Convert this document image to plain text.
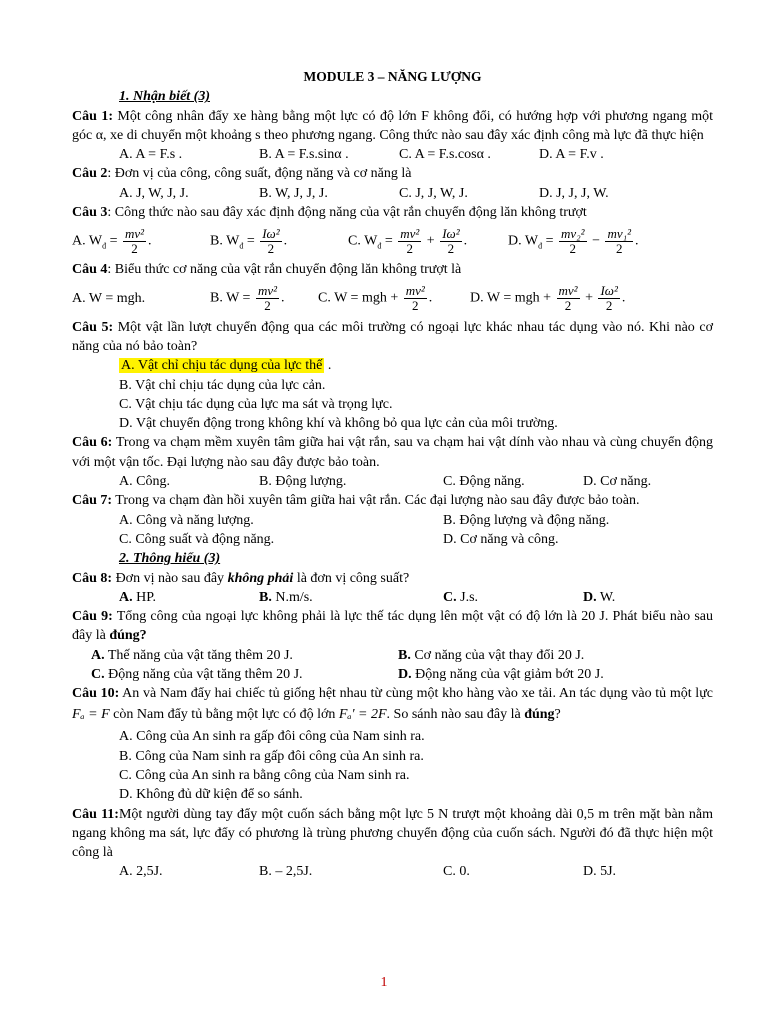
MODULE 3 – NĂNG LƯỢNG
1. Nhận biết (3)
Câu 1: Một công nhân đẩy xe hàng bằng một lực có độ lớn F không đổi, có hướng hợp với phương ngang một góc α, xe di chuyển một khoảng s theo phương ngang. Công thức nào sau đây xác định công mà lực đã thực hiện
A. A = F.s .	B. A = F.s.sinα .	C. A = F.s.cosα .	D. A = F.v .
Câu 2: Đơn vị của công, công suất, động năng và cơ năng là
A. J, W, J, J.	B. W, J, J, J.	C. J, J, W, J.	D. J, J, J, W.
Câu 3: Công thức nào sau đây xác định động năng của vật rắn chuyển động lăn không trượt
A. $W_đ = \frac{\text{mv²}}{2}$ .	B. $W_đ = \frac{\text{Iω²}}{2}$ .	C. $W_đ = \frac{\text{mv²}}{2} + \frac{\text{Iω²}}{2}$ .	D. $W_đ = \frac{\text{mv₂²}}{2} - \frac{\text{mv₁²}}{2}$ .
Câu 4: Biểu thức cơ năng của vật rắn chuyển động lăn không trượt là
A. W = mgh.	B. $W = \frac{\text{mv²}}{2}$ .	C. W = mgh + $\frac{\text{mv²}}{2}$ .	D. W = mgh + $\frac{\text{mv²}}{2} + \frac{\text{Iω²}}{2}$ .
Câu 5: Một vật lần lượt chuyển động qua các môi trường có ngoại lực khác nhau tác dụng vào nó. Khi nào cơ năng của nó bảo toàn?
A. Vật chỉ chịu tác dụng của lực thế .
B. Vật chỉ chịu tác dụng của lực cản.
C. Vật chịu tác dụng của lực ma sát và trọng lực.
D. Vật chuyển động trong không khí và không bỏ qua lực cản của môi trường.
Câu 6: Trong va chạm mềm xuyên tâm giữa hai vật rắn, sau va chạm hai vật dính vào nhau và cùng chuyển động với một vận tốc. Đại lượng nào sau đây được bảo toàn.
A. Công.	B. Động lượng.	C. Động năng.	D. Cơ năng.
Câu 7: Trong va chạm đàn hồi xuyên tâm giữa hai vật rắn. Các đại lượng nào sau đây được bảo toàn.
A. Công và năng lượng.	B. Động lượng và động năng.
C. Công suất và động năng.	D. Cơ năng và công.
2. Thông hiểu (3)
Câu 8: Đơn vị nào sau đây không phải là đơn vị công suất?
A. HP.	B. N.m/s.	C. J.s.	D. W.
Câu 9: Tổng công của ngoại lực không phải là lực thế tác dụng lên một vật có độ lớn là 20 J. Phát biểu nào sau đây là đúng?
A. Thế năng của vật tăng thêm 20 J.	B. Cơ năng của vật thay đổi 20 J.
C. Động năng của vật tăng thêm 20 J.	D. Động năng của vật giảm bớt 20 J.
Câu 10: An và Nam đẩy hai chiếc tủ giống hệt nhau từ cùng một kho hàng vào xe tải. An tác dụng vào tủ một lực Fₐ = F còn Nam đẩy tủ bằng một lực có độ lớn Fₐ' = 2F. So sánh nào sau đây là đúng?
A. Công của An sinh ra gấp đôi công của Nam sinh ra.
B. Công của Nam sinh ra gấp đôi công của An sinh ra.
C. Công của An sinh ra bằng công của Nam sinh ra.
D. Không đủ dữ kiện để so sánh.
Câu 11:Một người dùng tay đẩy một cuốn sách bằng một lực 5 N trượt một khoảng dài 0,5 m trên mặt bàn nằm ngang không ma sát, lực đẩy có phương là trùng phương chuyển động của cuốn sách. Người đó đã thực hiện một công là
A. 2,5J.	B. – 2,5J.	C. 0.	D. 5J.
1
